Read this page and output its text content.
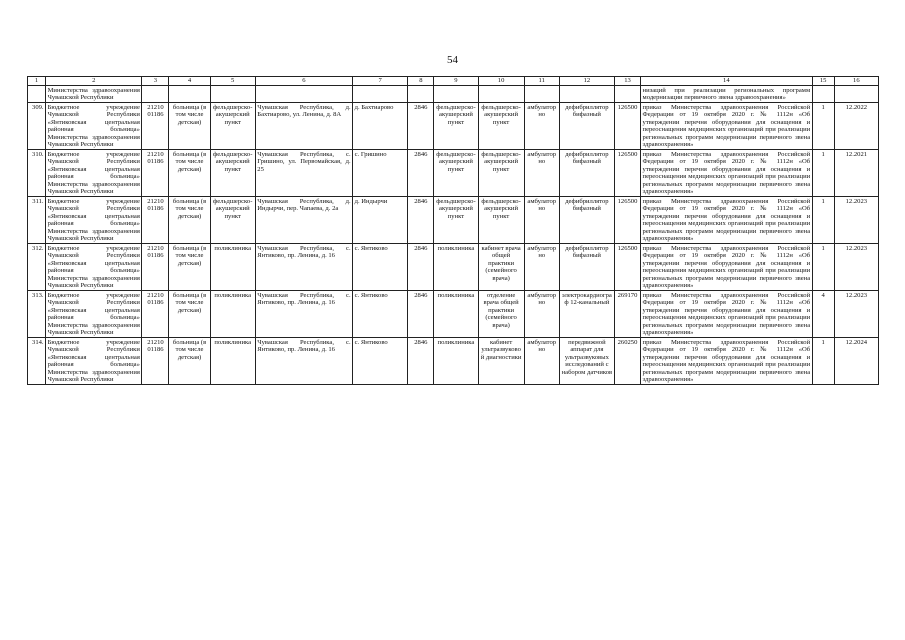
54
1	2	3	4	5	6	7	8	9	10	11	12	13	14	15	16
	Министерства здравоохранения Чувашской Республики												низаций при реализации региональных программ модернизации первичного звена здравоохранения»		
309.	Бюджетное учреждение Чувашской Республики «Янтиковская центральная районная больница» Министерства здравоохранения Чувашской Республики	21210 01186	больница (в том числе детская)	фельдшерско-акушерский пункт	Чувашская Республика, д. Бахтиарово, ул. Ленина, д. 8А	д. Бахтиарово	2846	фельдшерско-акушерский пункт	фельдшерско-акушерский пункт	амбулаторно	дефибриллятор бифазный	126500	приказ Министерства здравоохранения Российской Федерации от 19 октября 2020 г. № 1112н «Об утверждении перечня оборудования для оснащения и переоснащения медицинских организаций при реализации региональных программ модернизации первичного звена здравоохранения»	1	12.2022
310.	Бюджетное учреждение Чувашской Республики «Янтиковская центральная районная больница» Министерства здравоохранения Чувашской Республики	21210 01186	больница (в том числе детская)	фельдшерско-акушерский пункт	Чувашская Республика, с. Гришино, ул. Первомайская, д. 25	с. Гришино	2846	фельдшерско-акушерский пункт	фельдшерско-акушерский пункт	амбулаторно	дефибриллятор бифазный	126500	приказ Министерства здравоохранения Российской Федерации от 19 октября 2020 г. № 1112н «Об утверждении перечня оборудования для оснащения и переоснащения медицинских организаций при реализации региональных программ модернизации первичного звена здравоохранения»	1	12.2021
311.	Бюджетное учреждение Чувашской Республики «Янтиковская центральная районная больница» Министерства здравоохранения Чувашской Республики	21210 01186	больница (в том числе детская)	фельдшерско-акушерский пункт	Чувашская Республика, д. Индырчи, пер. Чапаева, д. 2а	д. Индырчи	2846	фельдшерско-акушерский пункт	фельдшерско-акушерский пункт	амбулаторно	дефибриллятор бифазный	126500	приказ Министерства здравоохранения Российской Федерации от 19 октября 2020 г. № 1112н «Об утверждении перечня оборудования для оснащения и переоснащения медицинских организаций при реализации региональных программ модернизации первичного звена здравоохранения»	1	12.2023
312.	Бюджетное учреждение Чувашской Республики «Янтиковская центральная районная больница» Министерства здравоохранения Чувашской Республики	21210 01186	больница (в том числе детская)	поликлиника	Чувашская Республика, с. Янтиково, пр. Ленина, д. 16	с. Янтиково	2846	поликлиника	кабинет врача общей практики (семейного врача)	амбулаторно	дефибриллятор бифазный	126500	приказ Министерства здравоохранения Российской Федерации от 19 октября 2020 г. № 1112н «Об утверждении перечня оборудования для оснащения и переоснащения медицинских организаций при реализации региональных программ модернизации первичного звена здравоохранения»	1	12.2023
313.	Бюджетное учреждение Чувашской Республики «Янтиковская центральная районная больница» Министерства здравоохранения Чувашской Республики	21210 01186	больница (в том числе детская)	поликлиника	Чувашская Республика, с. Янтиково, пр. Ленина, д. 16	с. Янтиково	2846	поликлиника	отделение врача общей практики (семейного врача)	амбулаторно	электрокардиограф 12-канальный	269170	приказ Министерства здравоохранения Российской Федерации от 19 октября 2020 г. № 1112н «Об утверждении перечня оборудования для оснащения и переоснащения медицинских организаций при реализации региональных программ модернизации первичного звена здравоохранения»	4	12.2023
314.	Бюджетное учреждение Чувашской Республики «Янтиковская центральная районная больница» Министерства здравоохранения Чувашской Республики	21210 01186	больница (в том числе детская)	поликлиника	Чувашская Республика, с. Янтиково, пр. Ленина, д. 16	с. Янтиково	2846	поликлиника	кабинет ультразвуковой диагностики	амбулаторно	передвижной аппарат для ультразвуковых исследований с набором датчиков	260250	приказ Министерства здравоохранения Российской Федерации от 19 октября 2020 г. № 1112н «Об утверждении перечня оборудования для оснащения и переоснащения медицинских организаций при реализации региональных программ модернизации первичного звена здравоохранения»	1	12.2024
